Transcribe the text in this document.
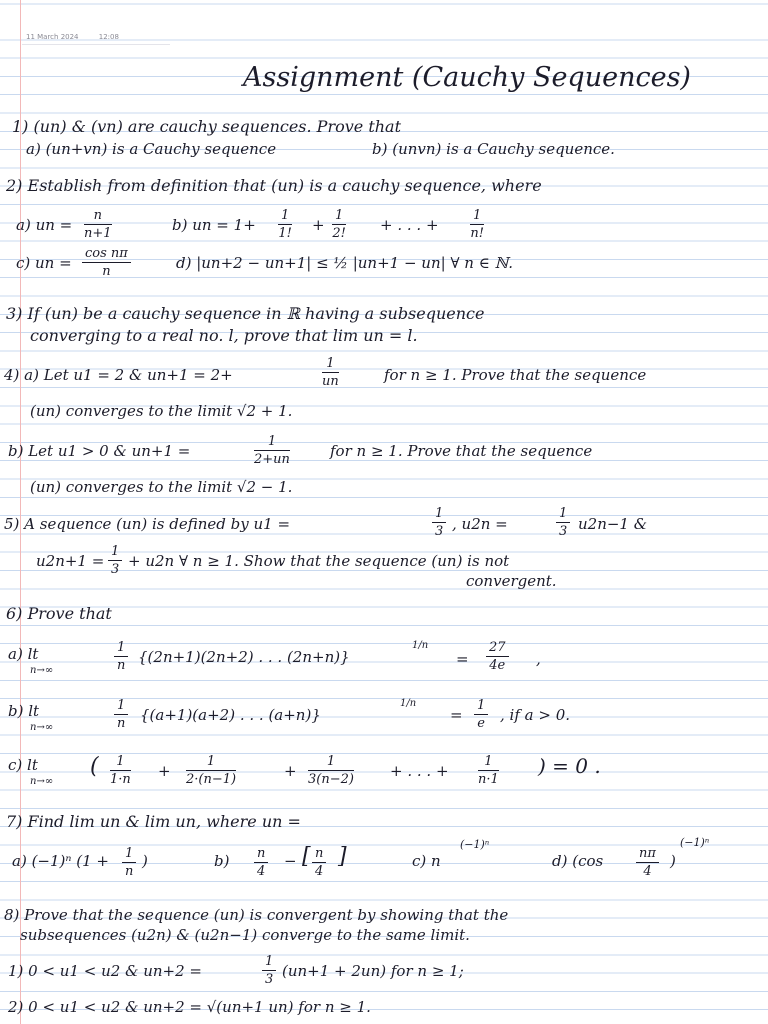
11 March 2024	12:08
Assignment (Cauchy Sequences)
1) (un) & (vn) are cauchy sequences. Prove that
a) (un+vn) is a Cauchy sequence	b) (unvn) is a Cauchy sequence.
2) Establish from definition that (un) is a cauchy sequence, where
a) un = $\frac{n}{n+1}$	b) un = $1+ \frac{1}{1!} + \frac{1}{2!}$ + . . . + $\frac{1}{n!}$
c) un = $\frac{\text{cos nπ}}{n}$	d) |un+2 − un+1| ≤ ½ |un+1 − un| ∀ n ∈ ℕ.
3) If (un) be a cauchy sequence in ℝ having a subsequence
converging to a real no. l, prove that lim un = l.
4) a) Let u1 = 2 & un+1 = 2+	$\frac{1}{un}$	for n ≥ 1. Prove that the sequence
(un) converges to the limit √2 + 1.
b) Let u1 > 0 & un+1 =	$\frac{1}{2+un}$	for n ≥ 1. Prove that the sequence
(un) converges to the limit √2 − 1.
5) A sequence (un) is defined by u1 =	$\frac{1}{3}$ , u2n =	$\frac{1}{3} u2n-1$ &
$u2n+1 = \frac{1}{3} + u2n$ ∀ n ≥ 1. Show that the sequence (un) is not
convergent.
6) Prove that
a) lt
n→∞	$\frac{1}{n} \{(2n+1)(2n+2)$ . . . (2n+n)}
1/n
= $\frac{27}{4e}$ ,
b) lt
n→∞	$\frac{1}{n} \{(a+1)(a+2)$ . . . (a+n)}
1/n
= $\frac{1}{e}$ , if a > 0.
c) lt
n→∞
( $\frac{1}{1\cdot n} + \frac{1}{2\cdot(n-1)}$	+ $\frac{1}{3(n-2)}$ + . . . + $\frac{1}{n\cdot 1}$ ) = 0 .
7) Find lim un & lim un, where un =
a) (−1)ⁿ ($1 + \frac{1}{n}$ )	$b) \frac{n}{4}$ − [ $\frac{n}{4}$ ]	c) n
(−1)ⁿ
d) (cos	$\frac{n\pi}{4}$ )
(−1)ⁿ
8) Prove that the sequence (un) is convergent by showing that the
subsequences (u2n) & (u2n−1) converge to the same limit.
1) 0 < u1 < u2 & un+2 =	$\frac{1}{3} (un+1 + 2un)$ for n ≥ 1;
2) 0 < u1 < u2 & un+2 = √(un+1 un) for n ≥ 1.
